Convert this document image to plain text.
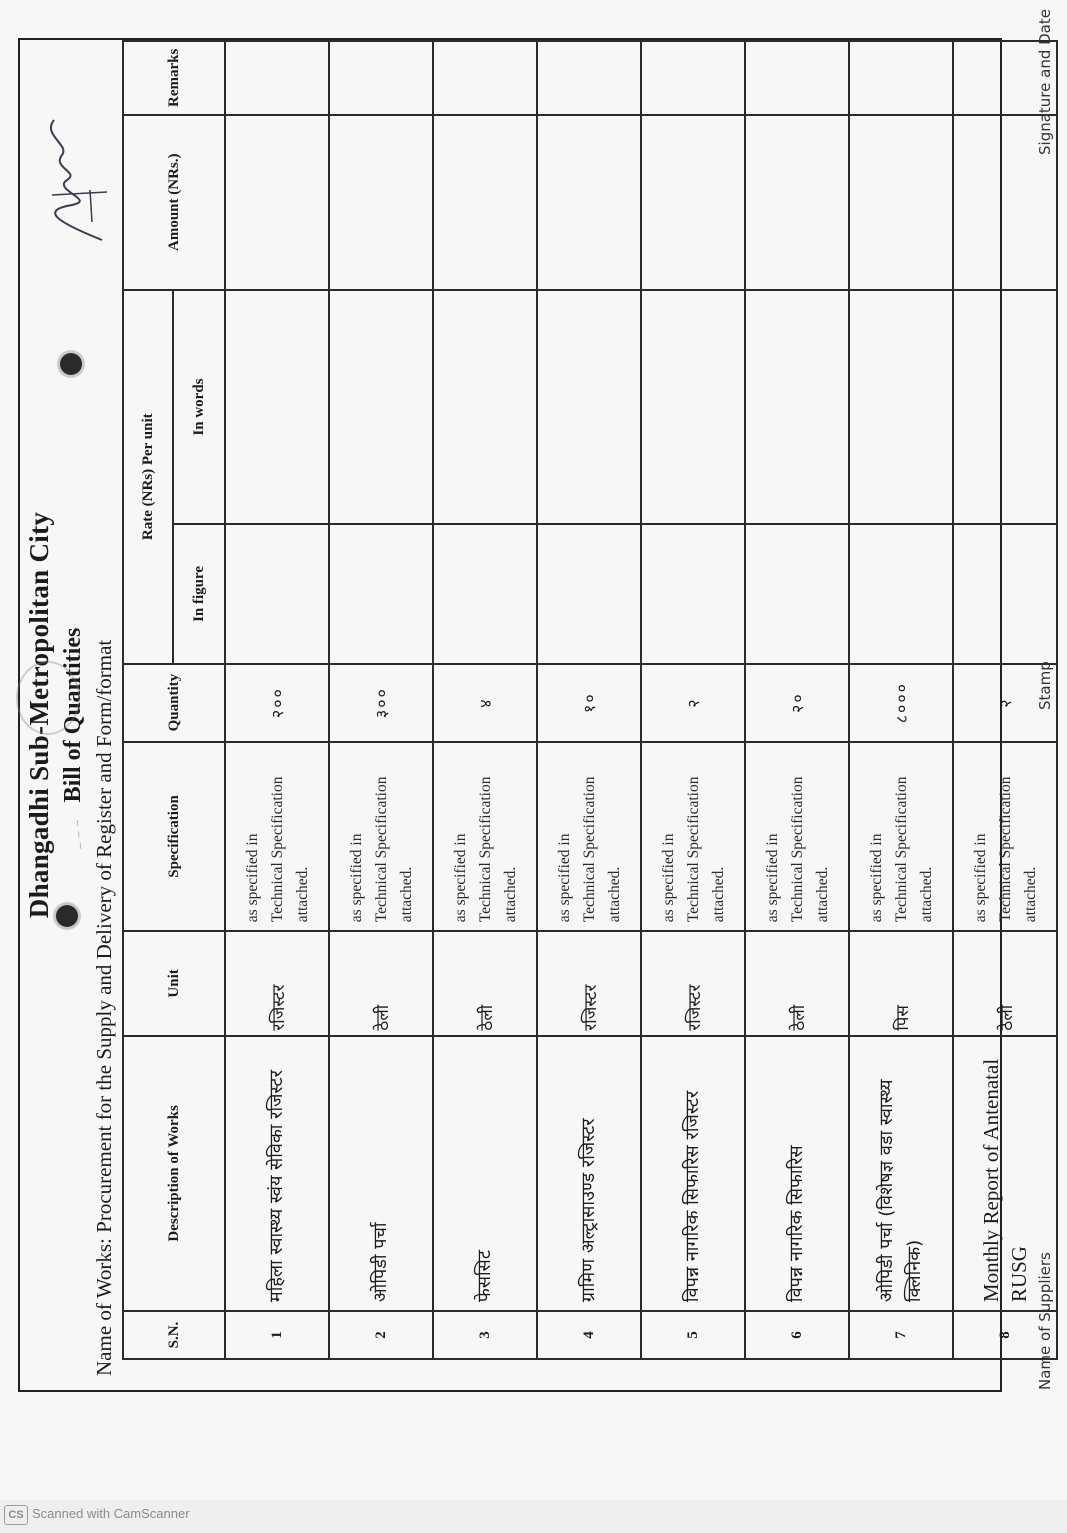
Dhangadhi Sub-Metropolitan City Bill of Quantities Name of Works: Procurement for the Supply and Delivery of Register and Form/format
~ ~ ~
S.N.	Description of Works	Unit	Specification	Quantity	Rate (NRs) Per unit		Amount (NRs.)	Remarks
					In figure	In words		
1	महिला स्वास्थ्य स्वंय सेविका रजिस्टर	रजिस्टर	as specified in Technical Specification attached.	२००				
2	ओपिडी पर्चा	ठेली	as specified in Technical Specification attached.	३००				
3	फेससिट	ठेली	as specified in Technical Specification attached.	४				
4	ग्रामिण अल्ट्रासाउण्ड रजिस्टर	रजिस्टर	as specified in Technical Specification attached.	१०				
5	विपन्न नागरिक सिफारिस रजिस्टर	रजिस्टर	as specified in Technical Specification attached.	२				
6	विपन्न नागरिक सिफारिस	ठेली	as specified in Technical Specification attached.	२०				
7	ओपिडी पर्चा (विशेषज्ञ वडा स्वास्थ्य क्लिनिक)	पिस	as specified in Technical Specification attached.	८०००				
8	Monthly Report of Antenatal RUSG	ठेली	as specified in Technical Specification attached.	२				
Name of Suppliers
Stamp
Signature and Date
CS Scanned with CamScanner
